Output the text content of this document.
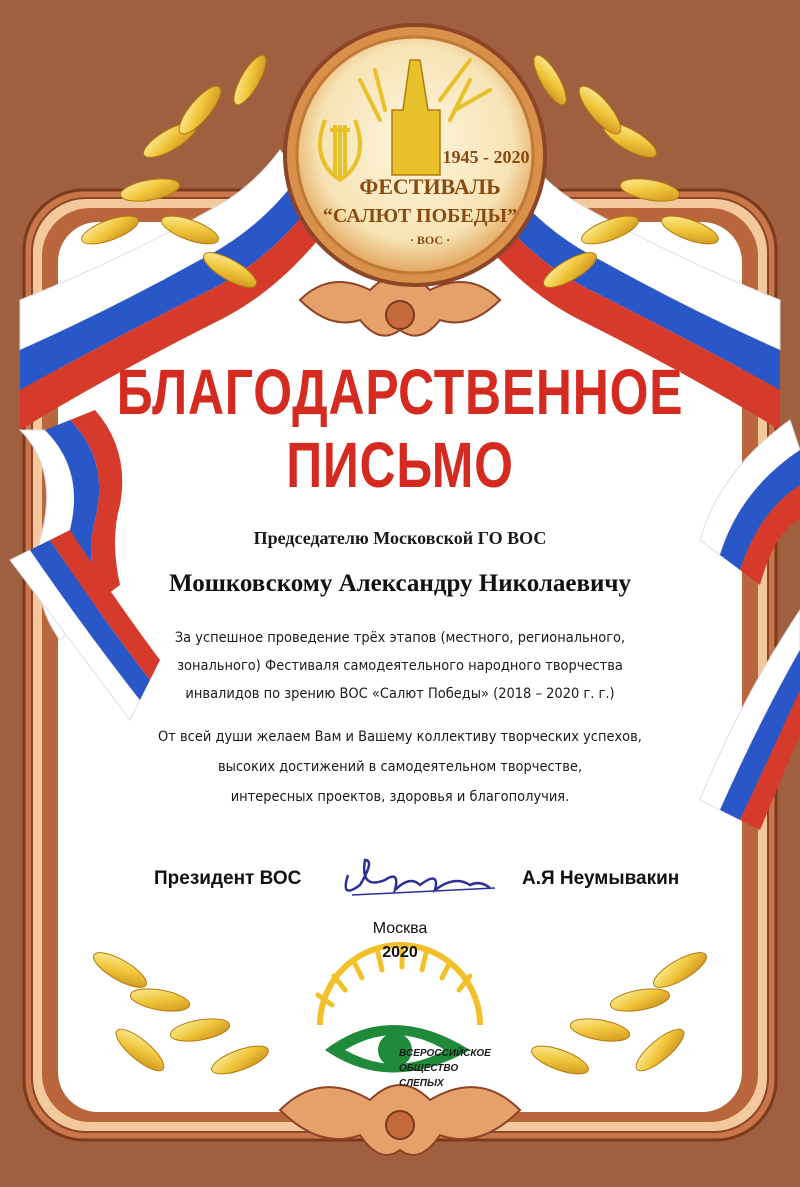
1945 - 2020
ФЕСТИВАЛЬ
“САЛЮТ ПОБЕДЫ”
· ВОС ·
БЛАГОДАРСТВЕННОЕ
ПИСЬМО
Председателю Московской ГО ВОС
Мошковскому Александру Николаевичу
За успешное проведение трёх этапов (местного, регионального,
зонального) Фестиваля самодеятельного народного творчества
инвалидов по зрению ВОС «Салют Победы» (2018 – 2020 г. г.)
От всей души желаем Вам и Вашему коллективу творческих успехов,
высоких достижений в самодеятельном творчестве,
интересных проектов, здоровья и благополучия.
Президент ВОС	А.Я Неумывакин
Москва
2020
ВСЕРОССИЙСКОЕ
ОБЩЕСТВО
СЛЕПЫХ
